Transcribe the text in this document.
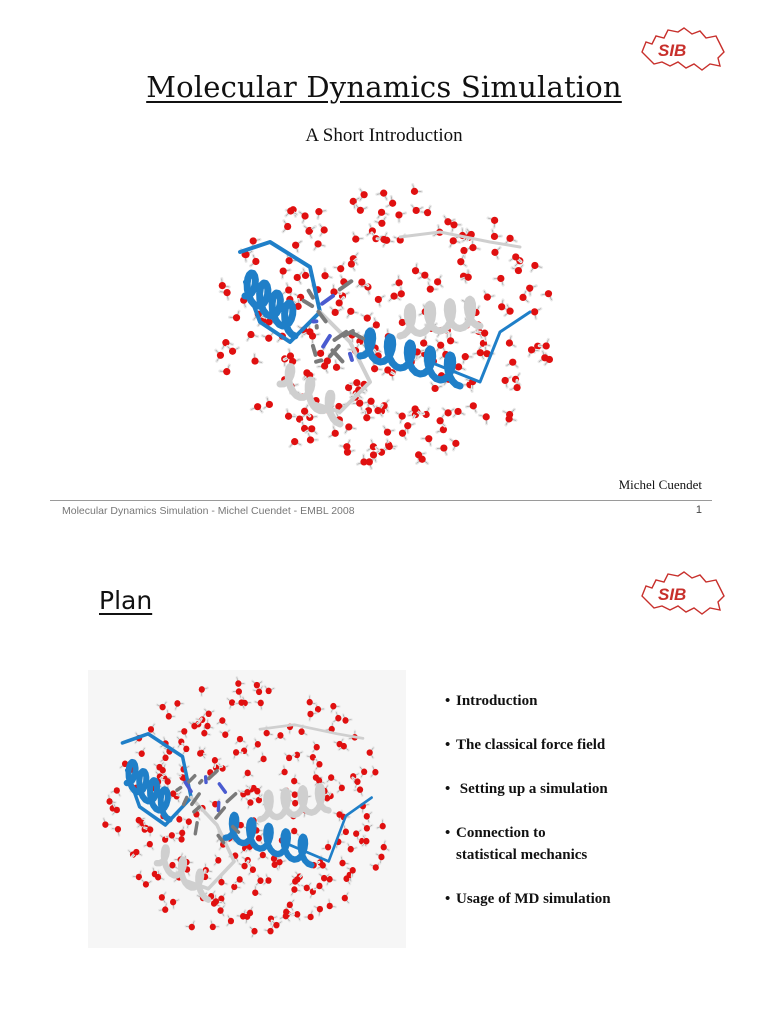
SIB
Molecular Dynamics Simulation
A Short Introduction
Michel Cuendet
Molecular Dynamics Simulation - Michel Cuendet - EMBL 2008	1
SIB
Plan
• Introduction
• The classical force field
• Setting up a simulation
• Connection to
statistical mechanics
• Usage of MD simulation
